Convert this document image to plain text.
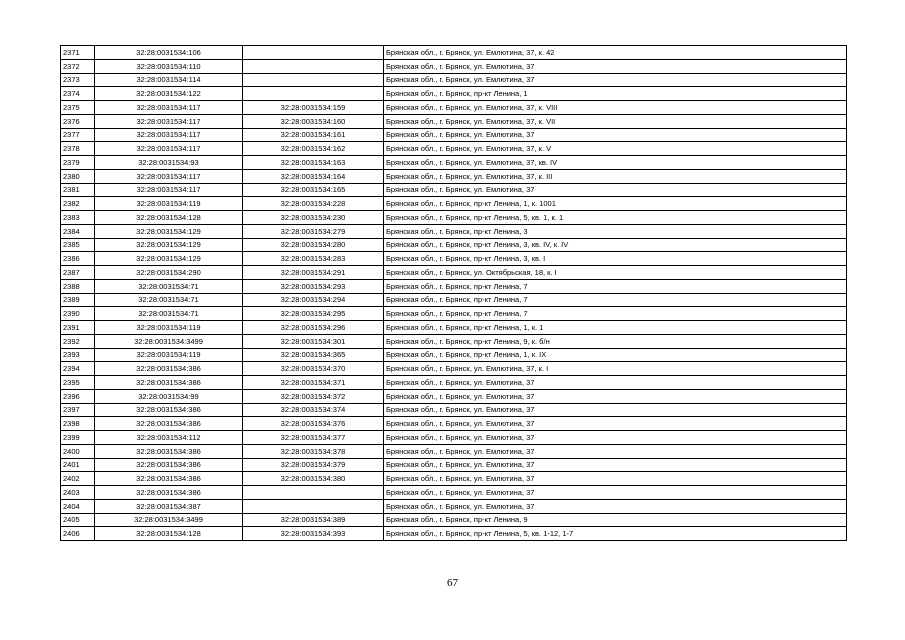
2371	32:28:0031534:106		Брянская обл., г. Брянск, ул. Емлютина, 37, к. 42
2372	32:28:0031534:110		Брянская обл., г. Брянск, ул. Емлютина, 37
2373	32:28:0031534:114		Брянская обл., г. Брянск, ул. Емлютина, 37
2374	32:28:0031534:122		Брянская обл., г. Брянск, пр-кт Ленина, 1
2375	32:28:0031534:117	32:28:0031534:159	Брянская обл., г. Брянск, ул. Емлютина, 37, к. VIII
2376	32:28:0031534:117	32:28:0031534:160	Брянская обл., г. Брянск, ул. Емлютина, 37, к. VII
2377	32:28:0031534:117	32:28:0031534:161	Брянская обл., г. Брянск, ул. Емлютина, 37
2378	32:28:0031534:117	32:28:0031534:162	Брянская обл., г. Брянск, ул. Емлютина, 37, к. V
2379	32:28:0031534:93	32:28:0031534:163	Брянская обл., г. Брянск, ул. Емлютина, 37, кв. IV
2380	32:28:0031534:117	32:28:0031534:164	Брянская обл., г. Брянск, ул. Емлютина, 37, к. III
2381	32:28:0031534:117	32:28:0031534:165	Брянская обл., г. Брянск, ул. Емлютина, 37
2382	32:28:0031534:119	32:28:0031534:228	Брянская обл., г. Брянск, пр-кт Ленина, 1, к. 1001
2383	32:28:0031534:128	32:28:0031534:230	Брянская обл., г. Брянск, пр-кт Ленина, 5, кв. 1, к. 1
2384	32:28:0031534:129	32:28:0031534:279	Брянская обл., г. Брянск, пр-кт Ленина, 3
2385	32:28:0031534:129	32:28:0031534:280	Брянская обл., г. Брянск, пр-кт Ленина, 3, кв. IV, к. IV
2386	32:28:0031534:129	32:28:0031534:283	Брянская обл., г. Брянск, пр-кт Ленина, 3, кв. I
2387	32:28:0031534:290	32:28:0031534:291	Брянская обл., г. Брянск, ул. Октябрьская, 18, к. I
2388	32:28:0031534:71	32:28:0031534:293	Брянская обл., г. Брянск, пр-кт Ленина, 7
2389	32:28:0031534:71	32:28:0031534:294	Брянская обл., г. Брянск, пр-кт Ленина, 7
2390	32:28:0031534:71	32:28:0031534:295	Брянская обл., г. Брянск, пр-кт Ленина, 7
2391	32:28:0031534:119	32:28:0031534:296	Брянская обл., г. Брянск, пр-кт Ленина, 1, к. 1
2392	32:28:0031534:3499	32:28:0031534:301	Брянская обл., г. Брянск, пр-кт Ленина, 9, к. б/н
2393	32:28:0031534:119	32:28:0031534:365	Брянская обл., г. Брянск, пр-кт Ленина, 1, к. IX
2394	32:28:0031534:386	32:28:0031534:370	Брянская обл., г. Брянск, ул. Емлютина, 37, к. I
2395	32:28:0031534:386	32:28:0031534:371	Брянская обл., г. Брянск, ул. Емлютина, 37
2396	32:28:0031534:99	32:28:0031534:372	Брянская обл., г. Брянск, ул. Емлютина, 37
2397	32:28:0031534:386	32:28:0031534:374	Брянская обл., г. Брянск, ул. Емлютина, 37
2398	32:28:0031534:386	32:28:0031534:376	Брянская обл., г. Брянск, ул. Емлютина, 37
2399	32:28:0031534:112	32:28:0031534:377	Брянская обл., г. Брянск, ул. Емлютина, 37
2400	32:28:0031534:386	32:28:0031534:378	Брянская обл., г. Брянск, ул. Емлютина, 37
2401	32:28:0031534:386	32:28:0031534:379	Брянская обл., г. Брянск, ул. Емлютина, 37
2402	32:28:0031534:386	32:28:0031534:380	Брянская обл., г. Брянск, ул. Емлютина, 37
2403	32:28:0031534:386		Брянская обл., г. Брянск, ул. Емлютина, 37
2404	32:28:0031534:387		Брянская обл., г. Брянск, ул. Емлютина, 37
2405	32:28:0031534:3499	32:28:0031534:389	Брянская обл., г. Брянск, пр-кт Ленина, 9
2406	32:28:0031534:128	32:28:0031534:393	Брянская обл., г. Брянск, пр-кт Ленина, 5, кв. 1-12, 1-7
67
